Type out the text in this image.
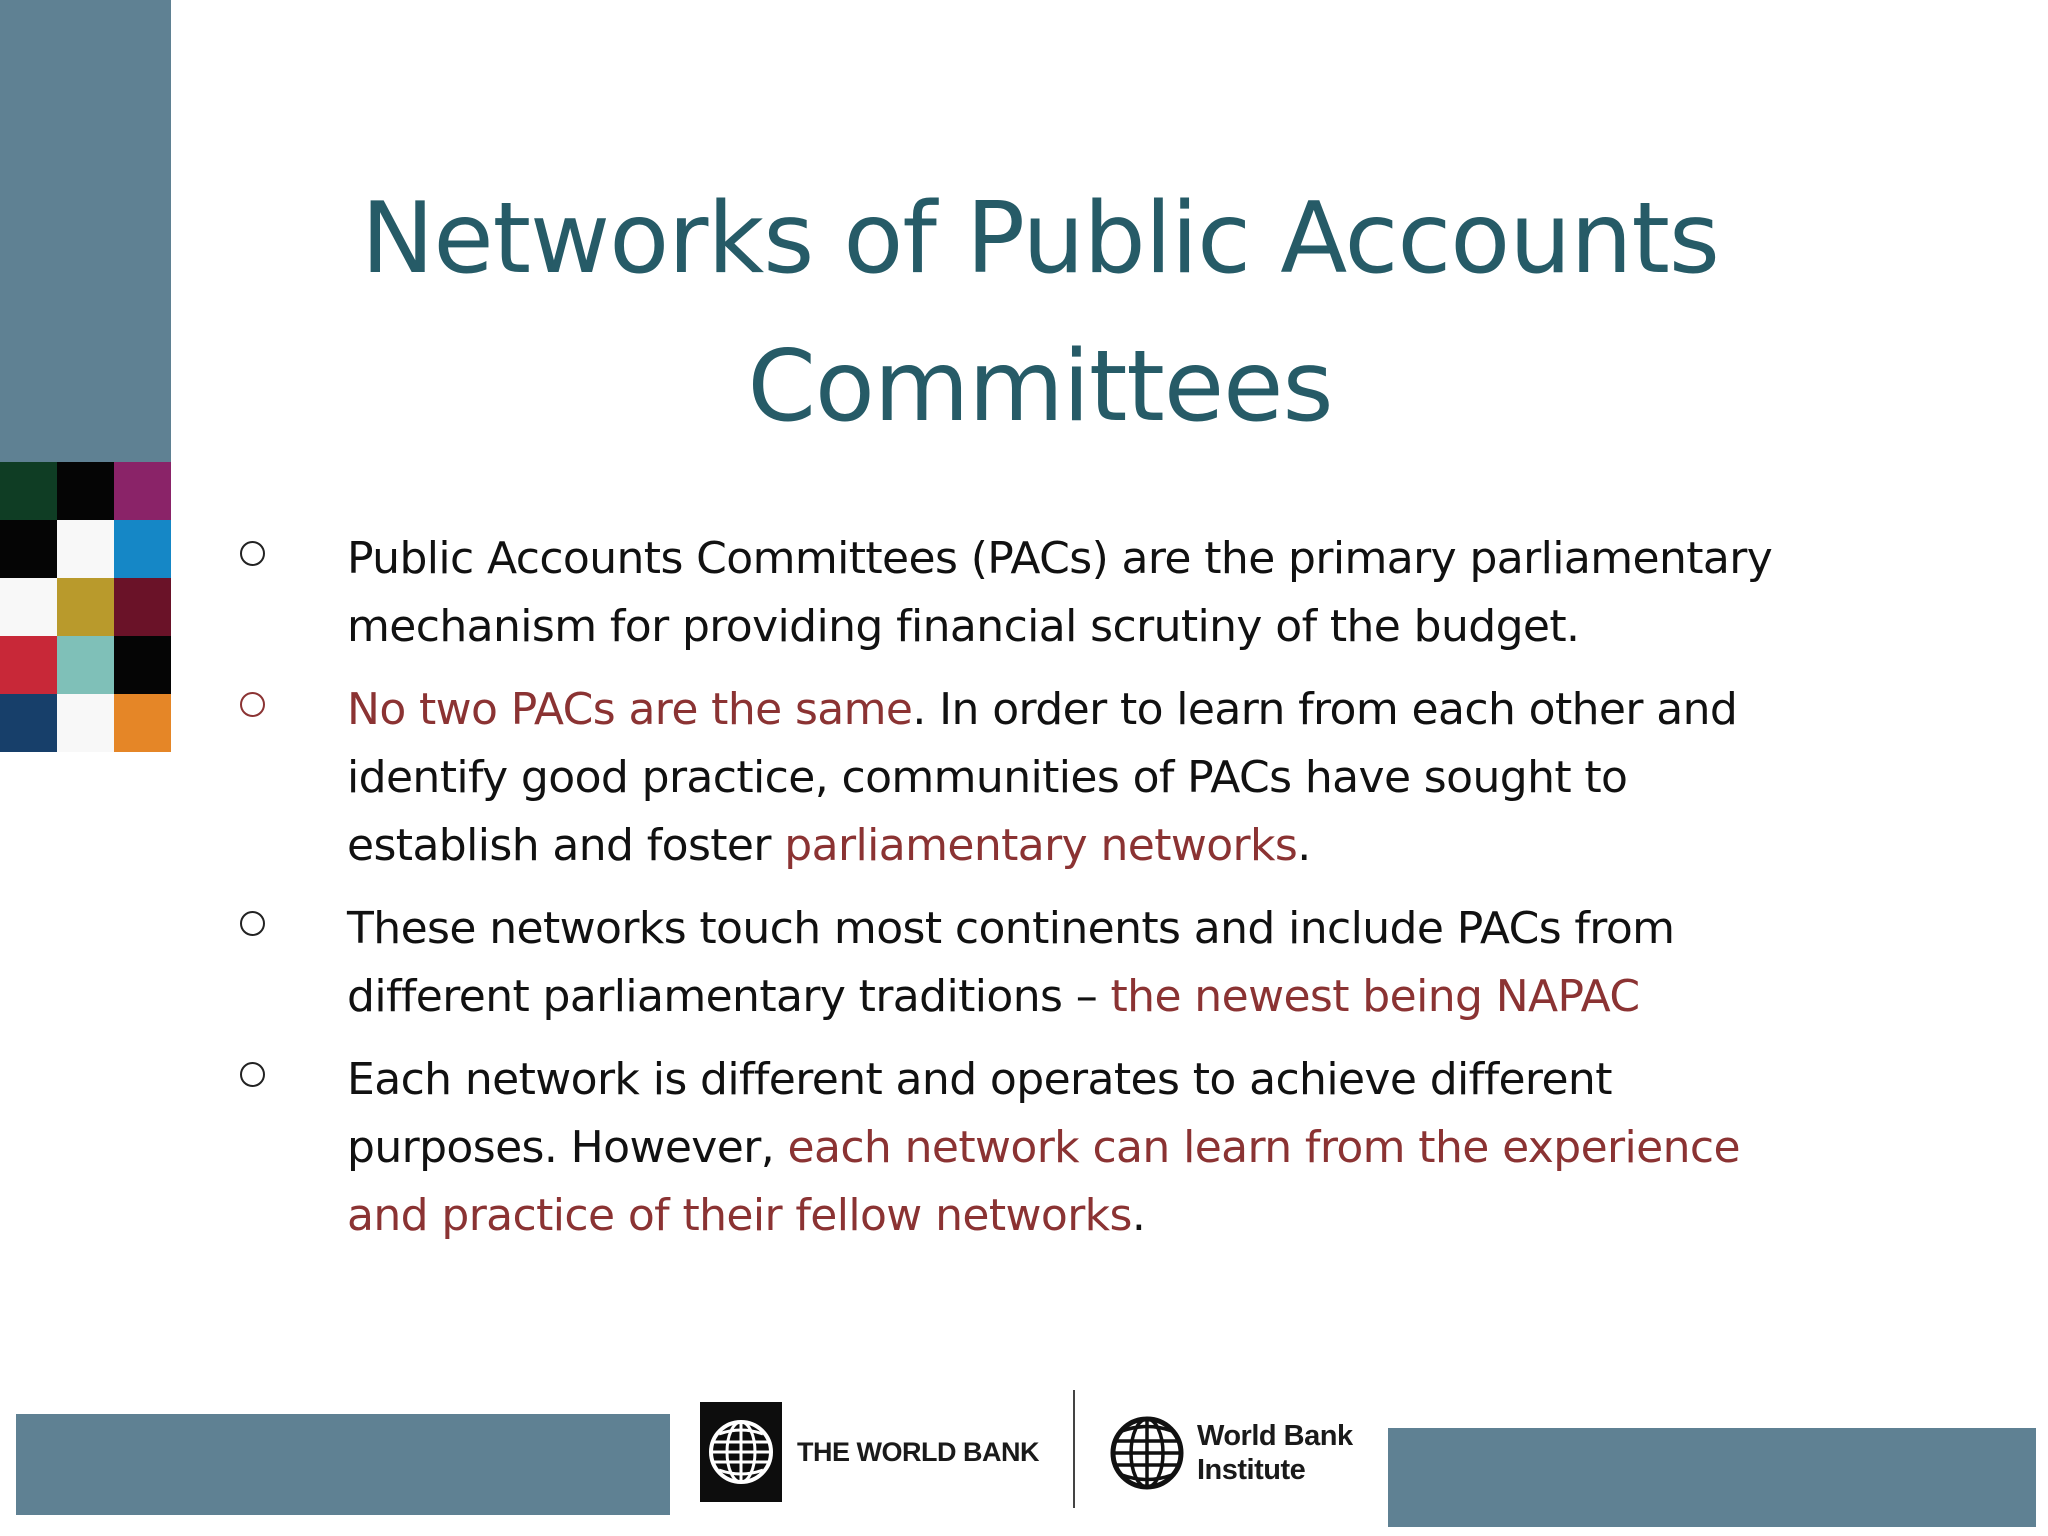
Networks of Public Accounts
Committees
Public Accounts Committees (PACs) are the primary parliamentary mechanism for providing financial scrutiny of the budget.
No two PACs are the same. In order to learn from each other and identify good practice, communities of PACs have sought to establish and foster parliamentary networks.
These networks touch most continents and include PACs from different parliamentary traditions – the newest being NAPAC
Each network is different and operates to achieve different purposes. However, each network can learn from the experience and practice of their fellow networks.
THE WORLD BANK	World Bank
Institute
